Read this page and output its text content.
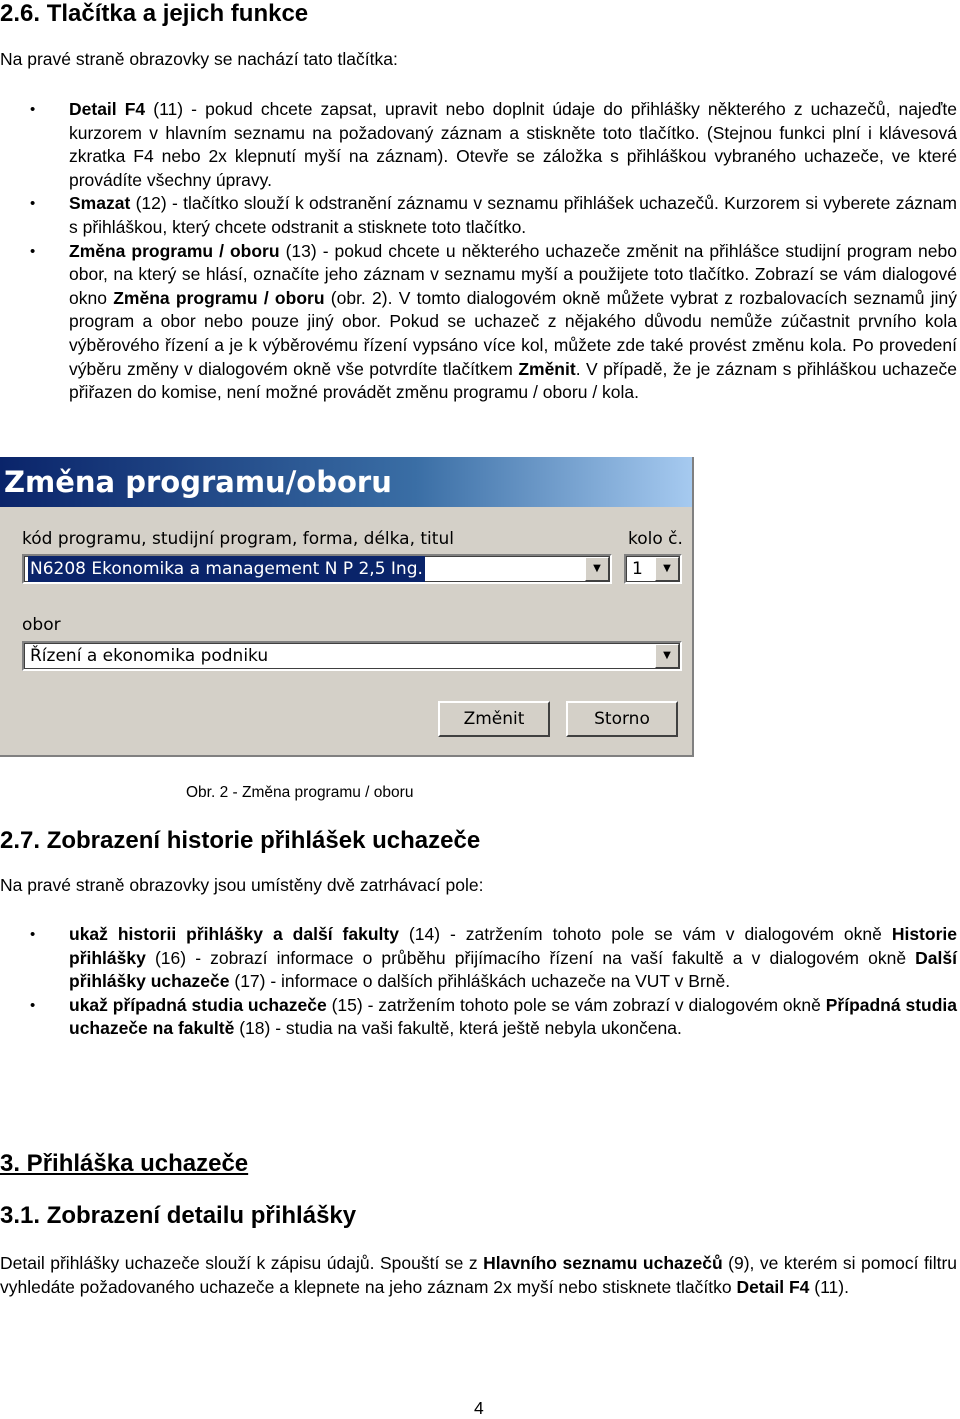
2.6. Tlačítka a jejich funkce

Na pravé straně obrazovky se nachází tato tlačítka:

• Detail F4 (11) - pokud chcete zapsat, upravit nebo doplnit údaje do přihlášky některého z uchazečů, najeďte kurzorem v hlavním seznamu na požadovaný záznam a stiskněte toto tlačítko. (Stejnou funkci plní i klávesová zkratka F4 nebo 2x klepnutí myší na záznam). Otevře se záložka s přihláškou vybraného uchazeče, ve které provádíte všechny úpravy.
• Smazat (12) - tlačítko slouží k odstranění záznamu v seznamu přihlášek uchazečů. Kurzorem si vyberete záznam s přihláškou, který chcete odstranit a stisknete toto tlačítko.
• Změna programu / oboru (13) - pokud chcete u některého uchazeče změnit na přihlášce studijní program nebo obor, na který se hlásí, označíte jeho záznam v seznamu myší a použijete toto tlačítko. Zobrazí se vám dialogové okno Změna programu / oboru (obr. 2). V tomto dialogovém okně můžete vybrat z rozbalovacích seznamů jiný program a obor nebo pouze jiný obor. Pokud se uchazeč z nějakého důvodu nemůže zúčastnit prvního kola výběrového řízení a je k výběrovému řízení vypsáno více kol, můžete zde také provést změnu kola. Po provedení výběru změny v dialogovém okně vše potvrdíte tlačítkem Změnit. V případě, že je záznam s přihláškou uchazeče přiřazen do komise, není možné provádět změnu programu / oboru / kola.
Změna programu/oboru
kód programu, studijní program, forma, délka, titul
N6208 Ekonomika a management N P 2,5 Ing.	▼
kolo č.
1	▼
obor
Řízení a ekonomika podniku	▼
Změnit	Storno
Obr. 2 - Změna programu / oboru
2.7. Zobrazení historie přihlášek uchazeče

Na pravé straně obrazovky jsou umístěny dvě zatrhávací pole:

• ukaž historii přihlášky a další fakulty (14) - zatržením tohoto pole se vám v dialogovém okně Historie přihlášky (16) - zobrazí informace o průběhu přijímacího řízení na vaší fakultě a v dialogovém okně Další přihlášky uchazeče (17) - informace o dalších přihláškách uchazeče na VUT v Brně.
• ukaž případná studia uchazeče (15) - zatržením tohoto pole se vám zobrazí v dialogovém okně Případná studia uchazeče na fakultě (18) - studia na vaši fakultě, která ještě nebyla ukončena.
3. Přihláška uchazeče
3.1. Zobrazení detailu přihlášky

Detail přihlášky uchazeče slouží k zápisu údajů. Spouští se z Hlavního seznamu uchazečů (9), ve kterém si pomocí filtru vyhledáte požadovaného uchazeče a klepnete na jeho záznam 2x myší nebo stisknete tlačítko Detail F4 (11).

4
